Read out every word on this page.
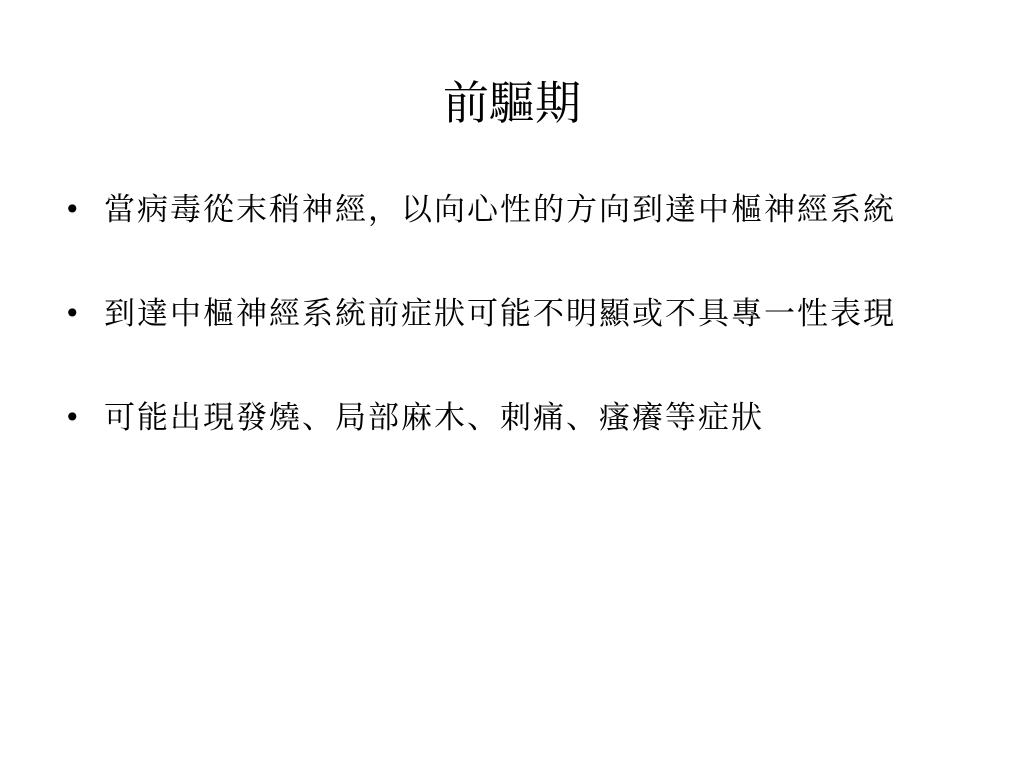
前驅期
• 當病毒從末稍神經，以向心性的方向到達中樞神經系統
• 到達中樞神經系統前症狀可能不明顯或不具專一性表現
• 可能出現發燒、局部麻木、刺痛、瘙癢等症狀
